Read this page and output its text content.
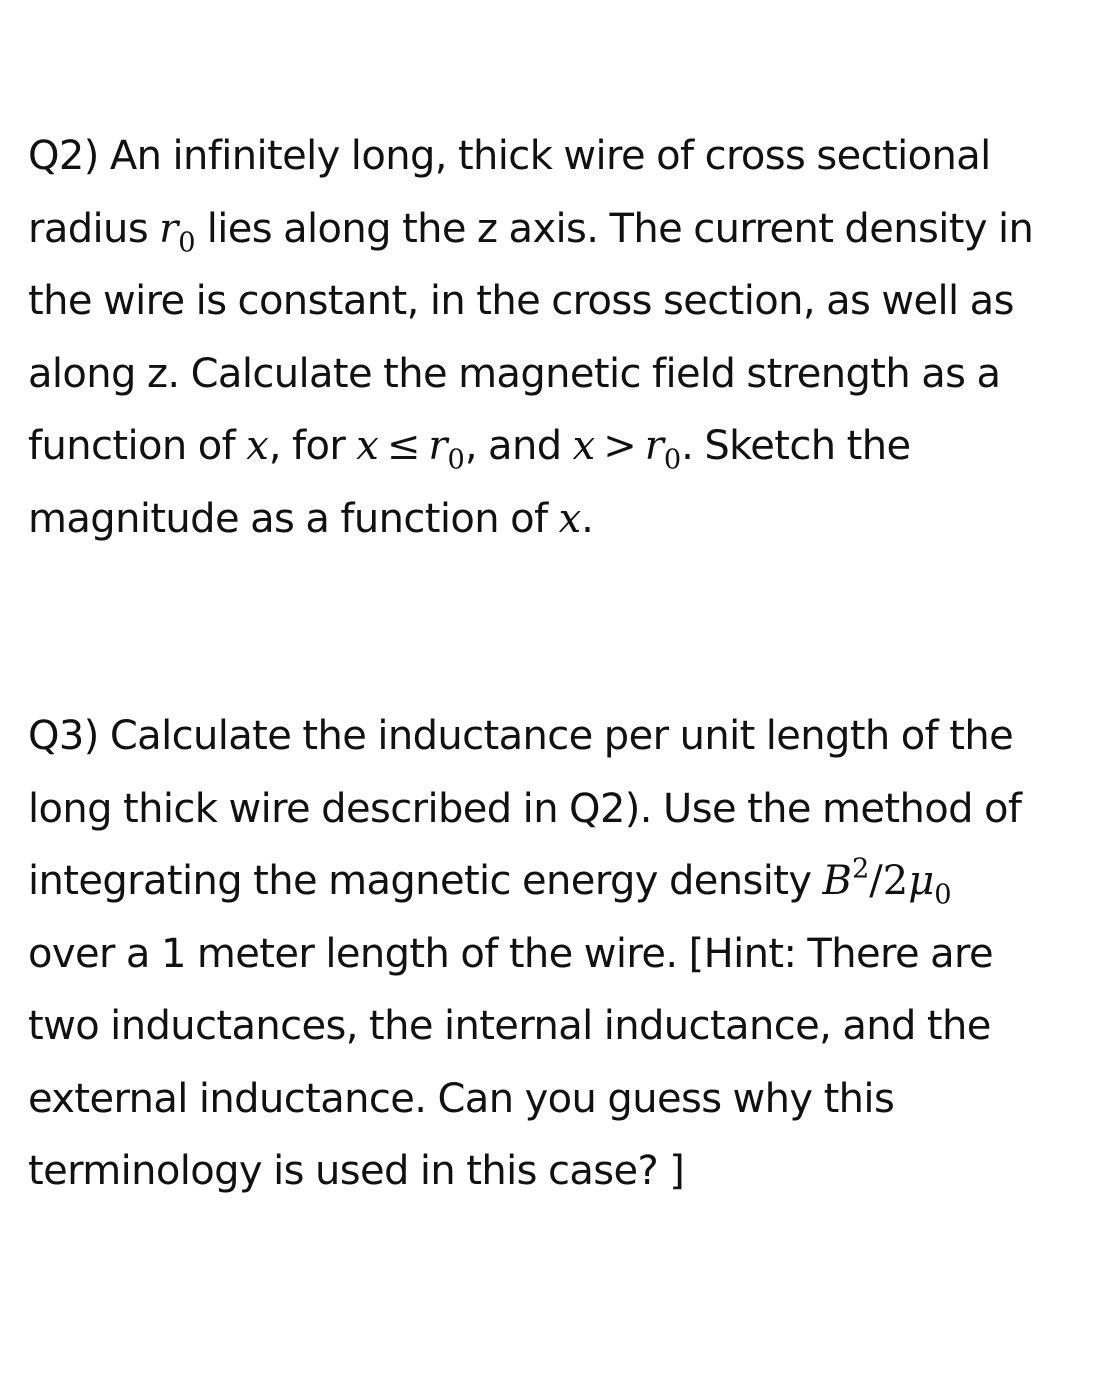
Q2) An infinitely long, thick wire of cross sectional
radius $r_0$ lies along the z axis. The current density in
the wire is constant, in the cross section, as well as
along z. Calculate the magnetic field strength as a
function of x, for $x \le r_0$, and $x > r_0$. Sketch the
magnitude as a function of x.

Q3) Calculate the inductance per unit length of the
long thick wire described in Q2). Use the method of
integrating the magnetic energy density $B^2/2\mu_0$
over a 1 meter length of the wire. [Hint: There are
two inductances, the internal inductance, and the
external inductance. Can you guess why this
terminology is used in this case? ]
